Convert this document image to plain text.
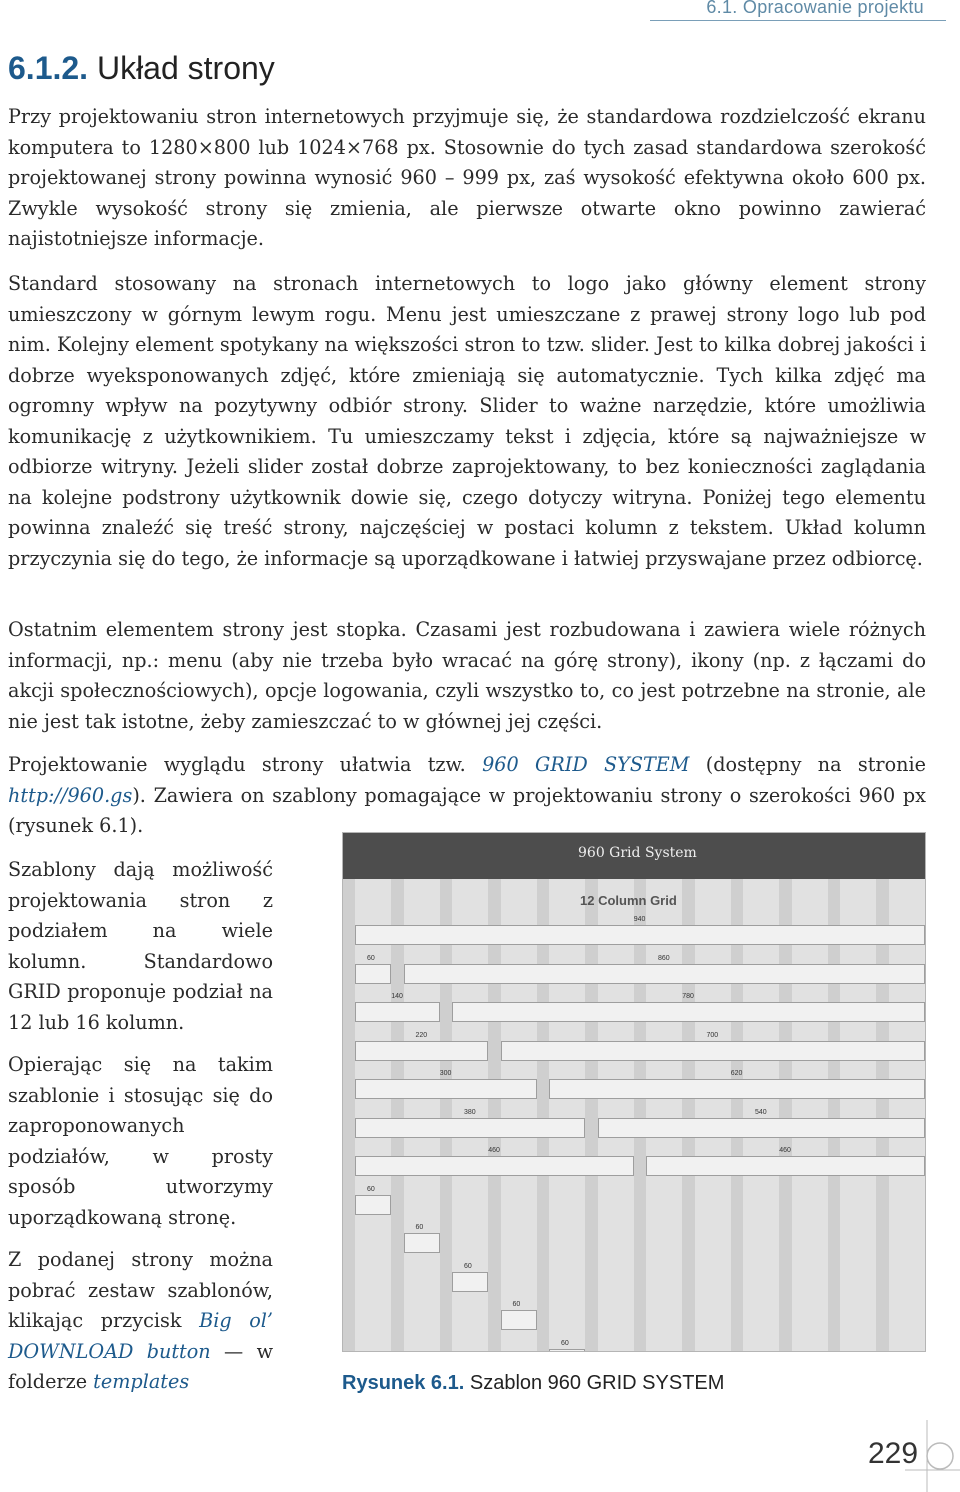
6.1. Opracowanie projektu
6.1.2. Układ strony

Przy projektowaniu stron internetowych przyjmuje się, że standardowa rozdzielczość ekranu komputera to 1280×800 lub 1024×768 px. Stosownie do tych zasad standardowa szerokość projektowanej strony powinna wynosić 960 – 999 px, zaś wysokość efektywna około 600 px. Zwykle wysokość strony się zmienia, ale pierwsze otwarte okno powinno zawierać najistotniejsze informacje.

Standard stosowany na stronach internetowych to logo jako główny element strony umieszczony w górnym lewym rogu. Menu jest umieszczane z prawej strony logo lub pod nim. Kolejny element spotykany na większości stron to tzw. slider. Jest to kilka dobrej jakości i dobrze wyeksponowanych zdjęć, które zmieniają się automatycznie. Tych kilka zdjęć ma ogromny wpływ na pozytywny odbiór strony. Slider to ważne narzędzie, które umożliwia komunikację z użytkownikiem. Tu umieszczamy tekst i zdjęcia, które są najważniejsze w odbiorze witryny. Jeżeli slider został dobrze zaprojektowany, to bez konieczności zaglądania na kolejne podstrony użytkownik dowie się, czego dotyczy witryna. Poniżej tego elementu powinna znaleźć się treść strony, najczęściej w postaci kolumn z tekstem. Układ kolumn przyczynia się do tego, że informacje są uporządkowane i łatwiej przyswajane przez odbiorcę.

Ostatnim elementem strony jest stopka. Czasami jest rozbudowana i zawiera wiele różnych informacji, np.: menu (aby nie trzeba było wracać na górę strony), ikony (np. z łączami do akcji społecznościowych), opcje logowania, czyli wszystko to, co jest potrzebne na stronie, ale nie jest tak istotne, żeby zamieszczać to w głównej jej części.

Projektowanie wyglądu strony ułatwia tzw. 960 GRID SYSTEM (dostępny na stronie http://960.gs). Zawiera on szablony pomagające w projektowaniu strony o szerokości 960 px (rysunek 6.1).

Szablony dają możliwość projektowania stron z podziałem na wiele kolumn. Standardowo GRID proponuje podział na 12 lub 16 kolumn.

Opierając się na takim szablonie i stosując się do zaproponowanych podziałów, w prosty sposób utworzymy uporządkowaną stronę.

Z podanej strony można pobrać zestaw szablonów, klikając przycisk Big ol’ DOWNLOAD button — w folderze templates

960 Grid System
12 Column Grid
940
60	860
140	780
220	700
300	620
380	540
460	460
60
60
60
60
60
Rysunek 6.1. Szablon 960 GRID SYSTEM
229
